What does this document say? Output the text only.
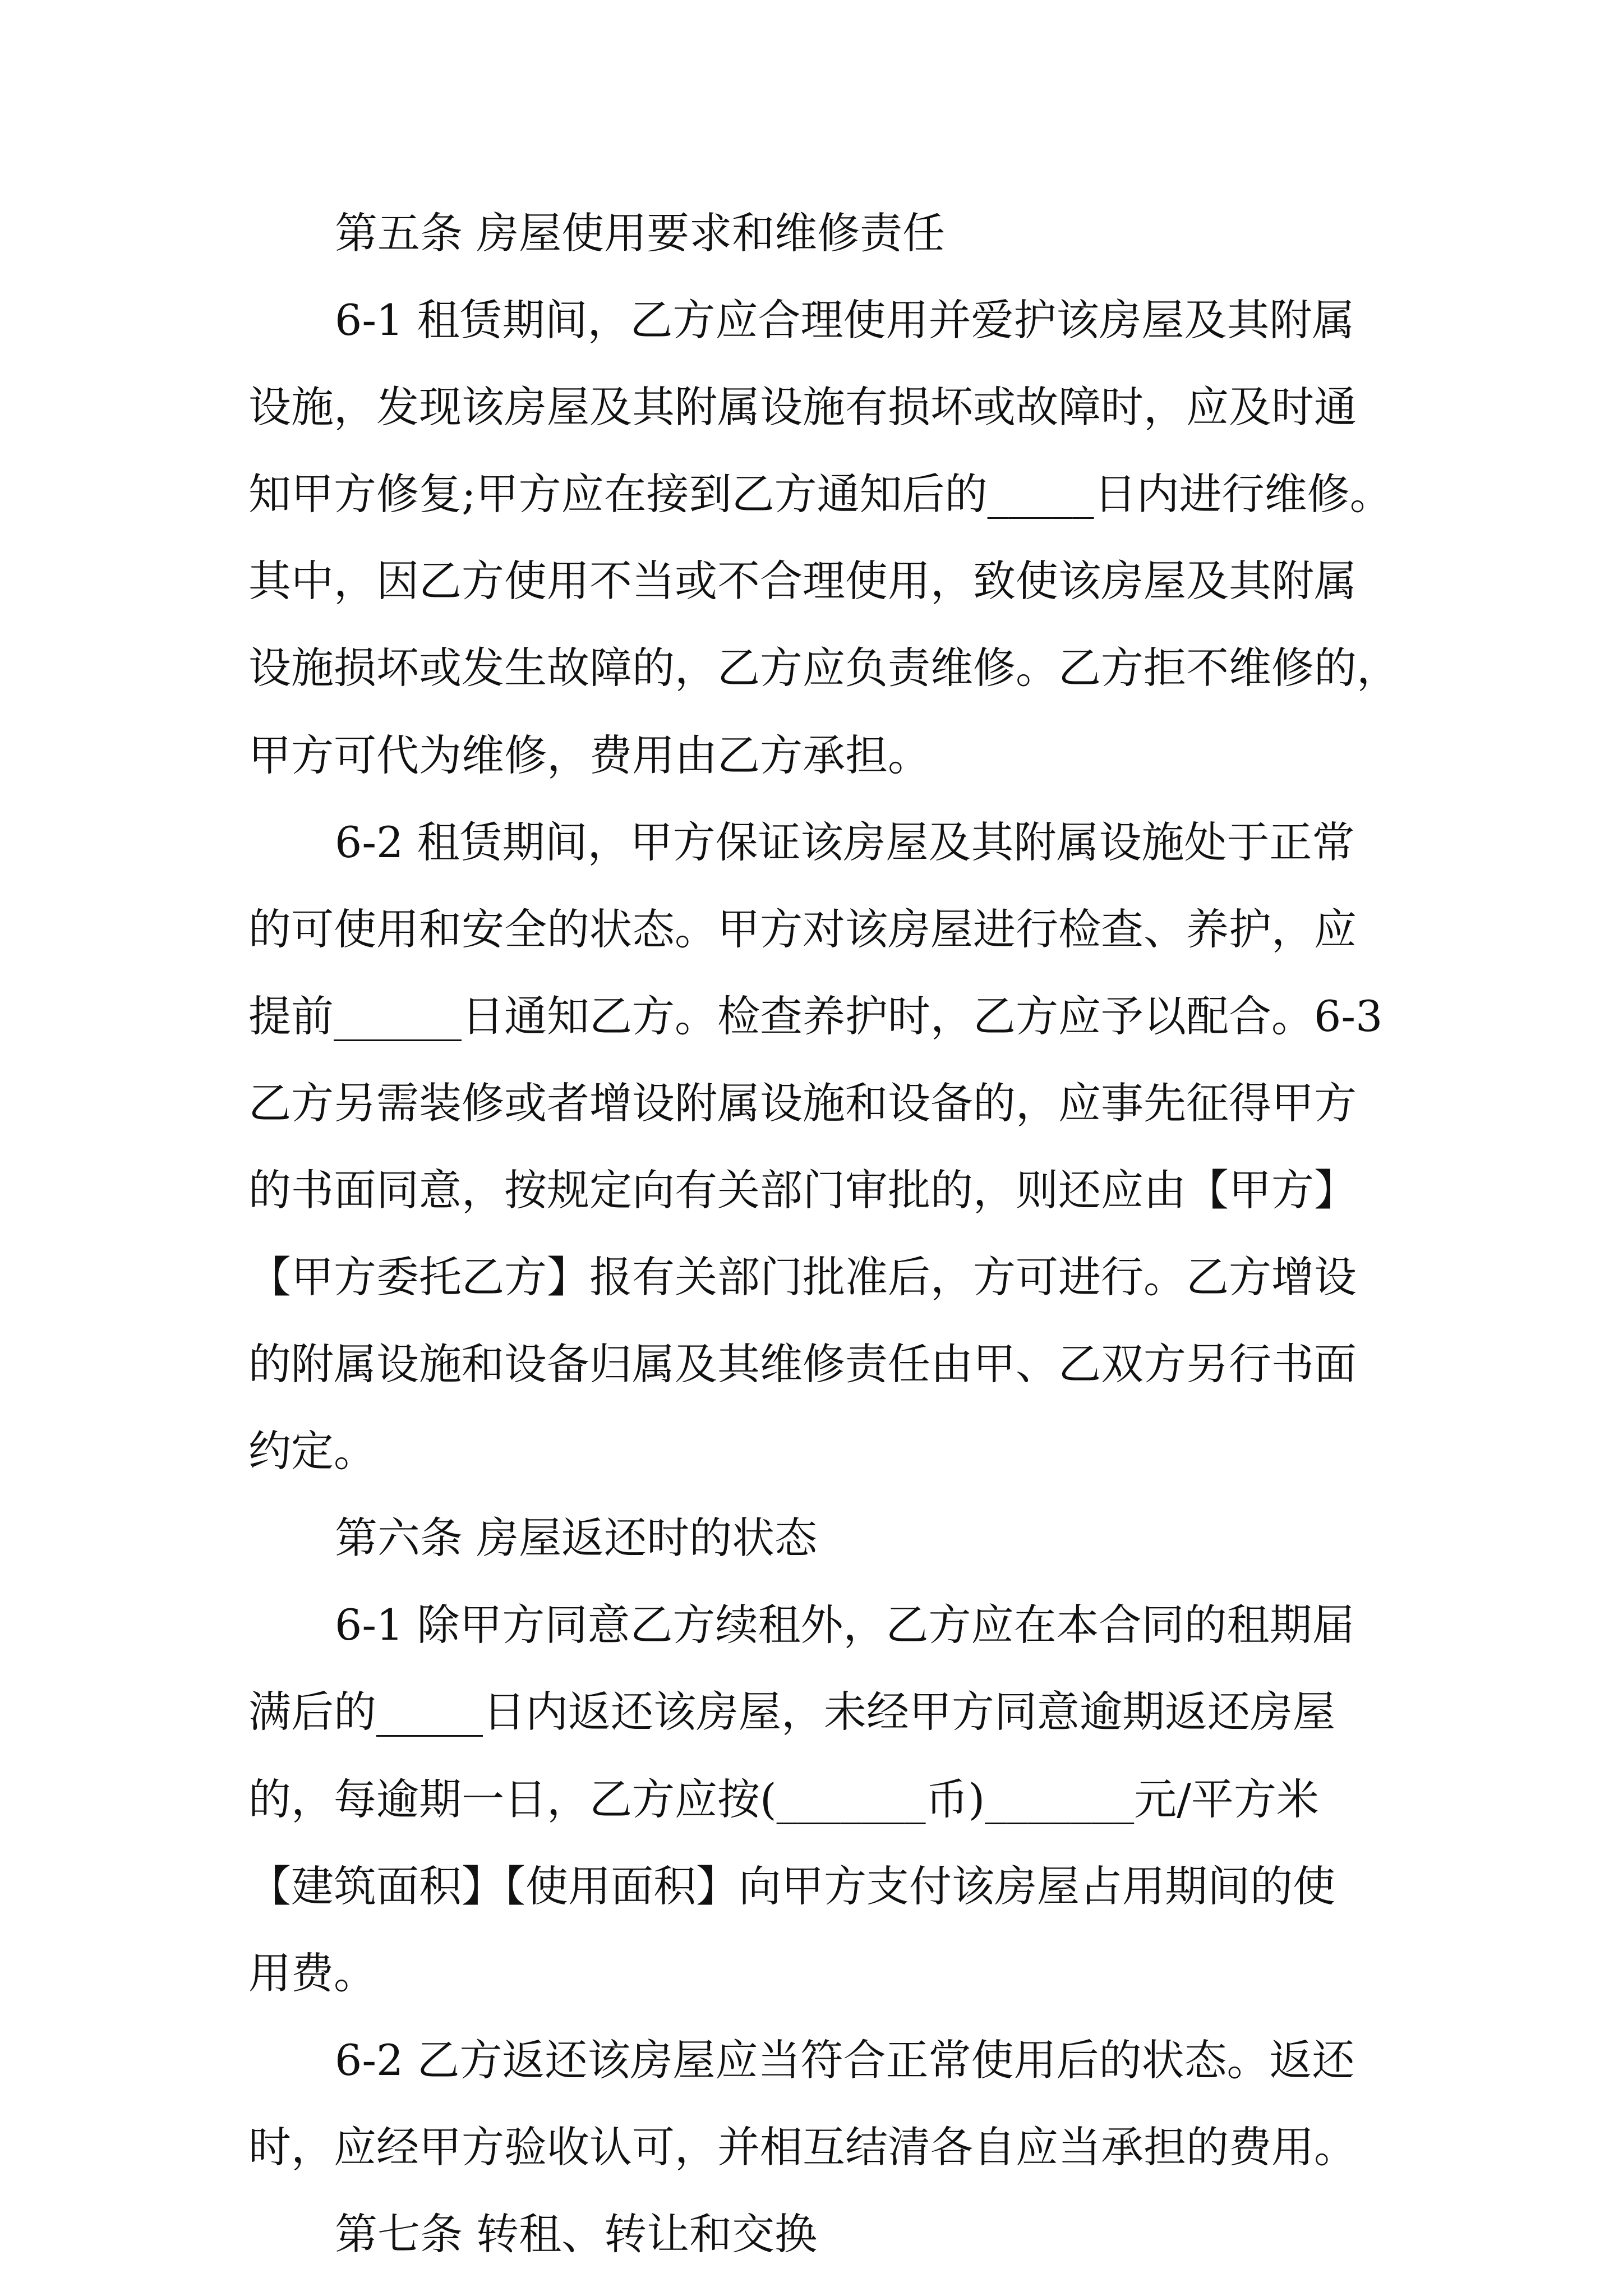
第五条 房屋使用要求和维修责任
6-1 租赁期间，乙方应合理使用并爱护该房屋及其附属
设施，发现该房屋及其附属设施有损坏或故障时，应及时通
知甲方修复;甲方应在接到乙方通知后的_____日内进行维修。
其中，因乙方使用不当或不合理使用，致使该房屋及其附属
设施损坏或发生故障的，乙方应负责维修。乙方拒不维修的，
甲方可代为维修，费用由乙方承担。
6-2 租赁期间，甲方保证该房屋及其附属设施处于正常
的可使用和安全的状态。甲方对该房屋进行检查、养护，应
提前______日通知乙方。检查养护时，乙方应予以配合。6-3
乙方另需装修或者增设附属设施和设备的，应事先征得甲方
的书面同意，按规定向有关部门审批的，则还应由【甲方】
【甲方委托乙方】报有关部门批准后，方可进行。乙方增设
的附属设施和设备归属及其维修责任由甲、乙双方另行书面
约定。
第六条 房屋返还时的状态
6-1 除甲方同意乙方续租外，乙方应在本合同的租期届
满后的_____日内返还该房屋，未经甲方同意逾期返还房屋
的，每逾期一日，乙方应按(_______币)_______元/平方米
【建筑面积】【使用面积】向甲方支付该房屋占用期间的使
用费。
6-2 乙方返还该房屋应当符合正常使用后的状态。返还
时，应经甲方验收认可，并相互结清各自应当承担的费用。
第七条 转租、转让和交换
